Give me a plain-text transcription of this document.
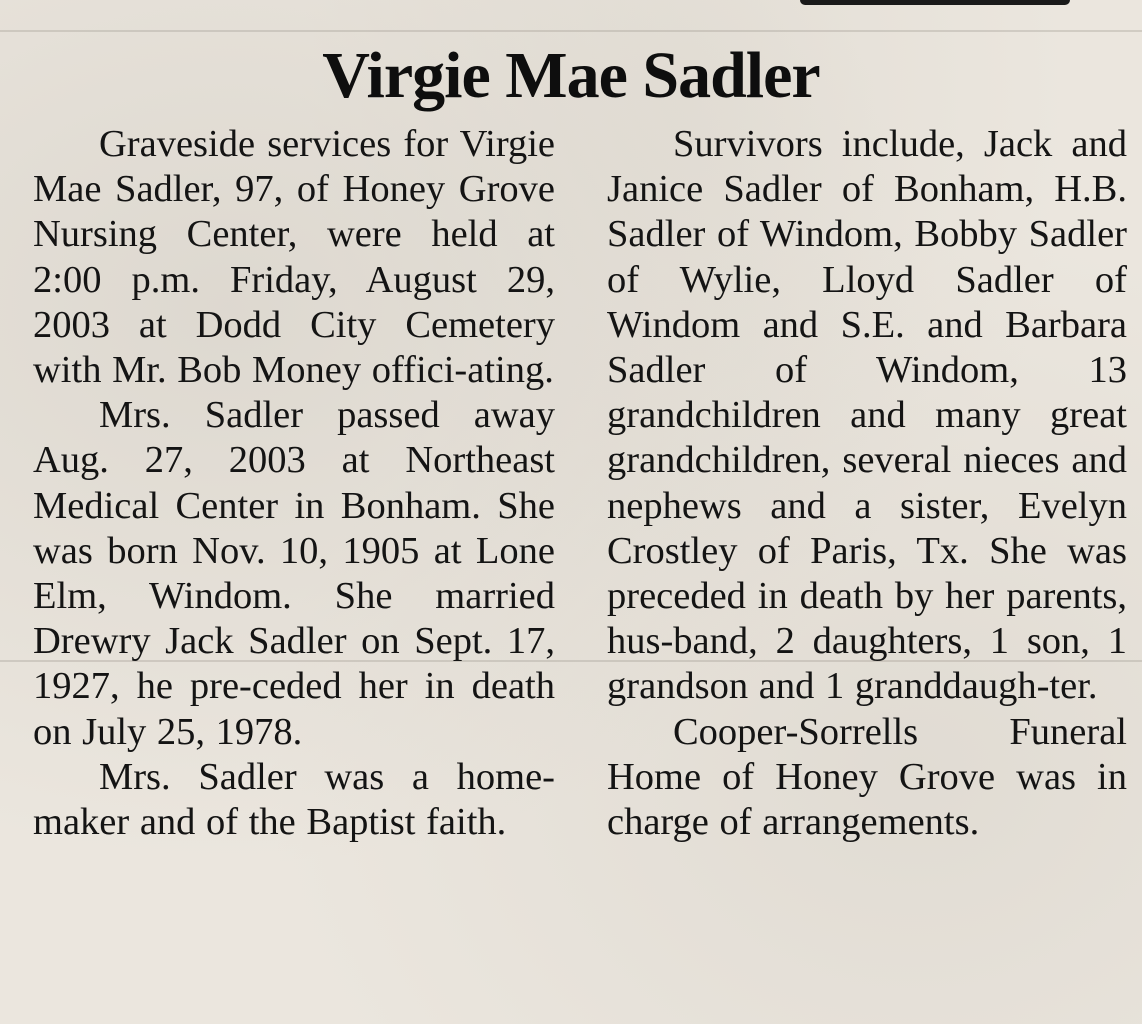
Virgie Mae Sadler

Graveside services for Virgie Mae Sadler, 97, of Honey Grove Nursing Center, were held at 2:00 p.m. Friday, August 29, 2003 at Dodd City Cemetery with Mr. Bob Money offici-ating.

Mrs. Sadler passed away Aug. 27, 2003 at Northeast Medical Center in Bonham. She was born Nov. 10, 1905 at Lone Elm, Windom. She married Drewry Jack Sadler on Sept. 17, 1927, he pre-ceded her in death on July 25, 1978.

Mrs. Sadler was a home-maker and of the Baptist faith.

Survivors include, Jack and Janice Sadler of Bonham, H.B. Sadler of Windom, Bobby Sadler of Wylie, Lloyd Sadler of Windom and S.E. and Barbara Sadler of Windom, 13 grandchildren and many great grandchildren, several nieces and nephews and a sister, Evelyn Crostley of Paris, Tx. She was preceded in death by her parents, hus-band, 2 daughters, 1 son, 1 grandson and 1 granddaugh-ter.

Cooper-Sorrells Funeral Home of Honey Grove was in charge of arrangements.
